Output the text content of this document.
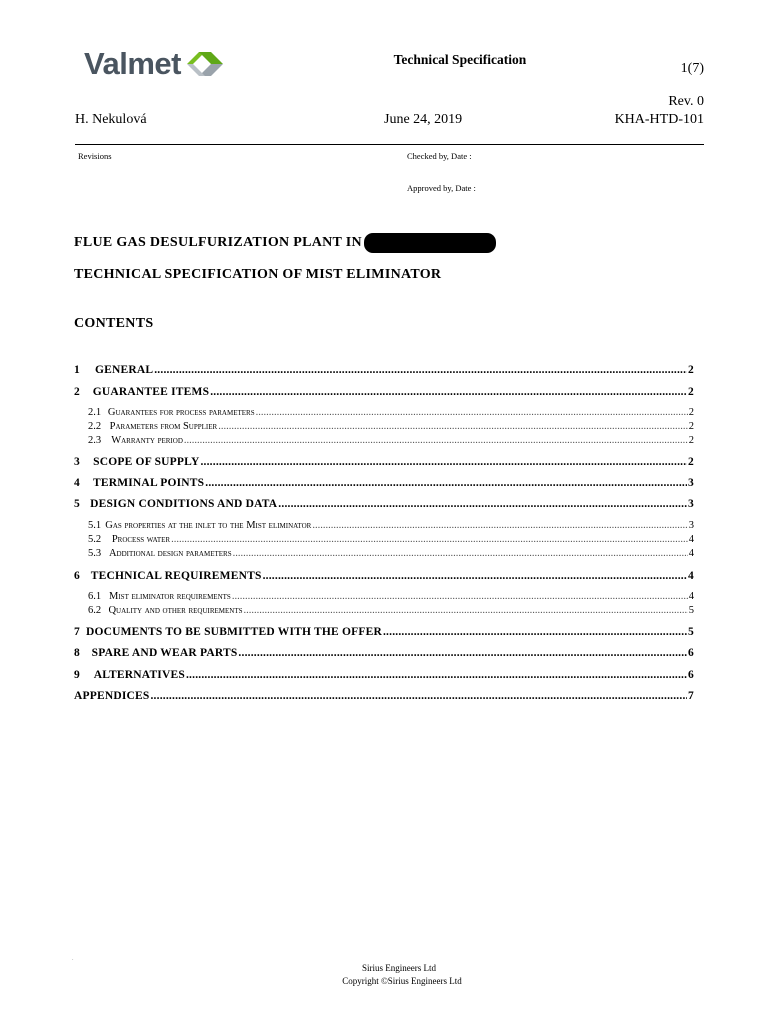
Valmet	Technical Specification
1(7)
Rev. 0
H. Nekulová	June 24, 2019	KHA-HTD-101
Revisions	Checked by, Date :
Approved by, Date :
FLUE GAS DESULFURIZATION PLANT IN
TECHNICAL SPECIFICATION OF MIST ELIMINATOR
CONTENTS
1	GENERAL .....	2
2	GUARANTEE ITEMS .....	2
2.1 Guarantees for process parameters .....	2
2.2 Parameters from Supplier .....	2
2.3 Warranty period .....	2
3	SCOPE OF SUPPLY .....	2
4	TERMINAL POINTS .....	3
5 DESIGN CONDITIONS AND DATA .....	3
5.1 Gas properties at the inlet to the Mist eliminator .....	3
5.2	Process water .....	4
5.3 Additional design parameters .....	4
6 TECHNICAL REQUIREMENTS .....	4
6.1 Mist eliminator requirements .....	4
6.2 Quality and other requirements .....	5
7 DOCUMENTS TO BE SUBMITTED WITH THE OFFER .....	5
8	SPARE AND WEAR PARTS .....	6
9	ALTERNATIVES .....	6
APPENDICES .....	7
.
Sirius Engineers Ltd
Copyright ©Sirius Engineers Ltd
